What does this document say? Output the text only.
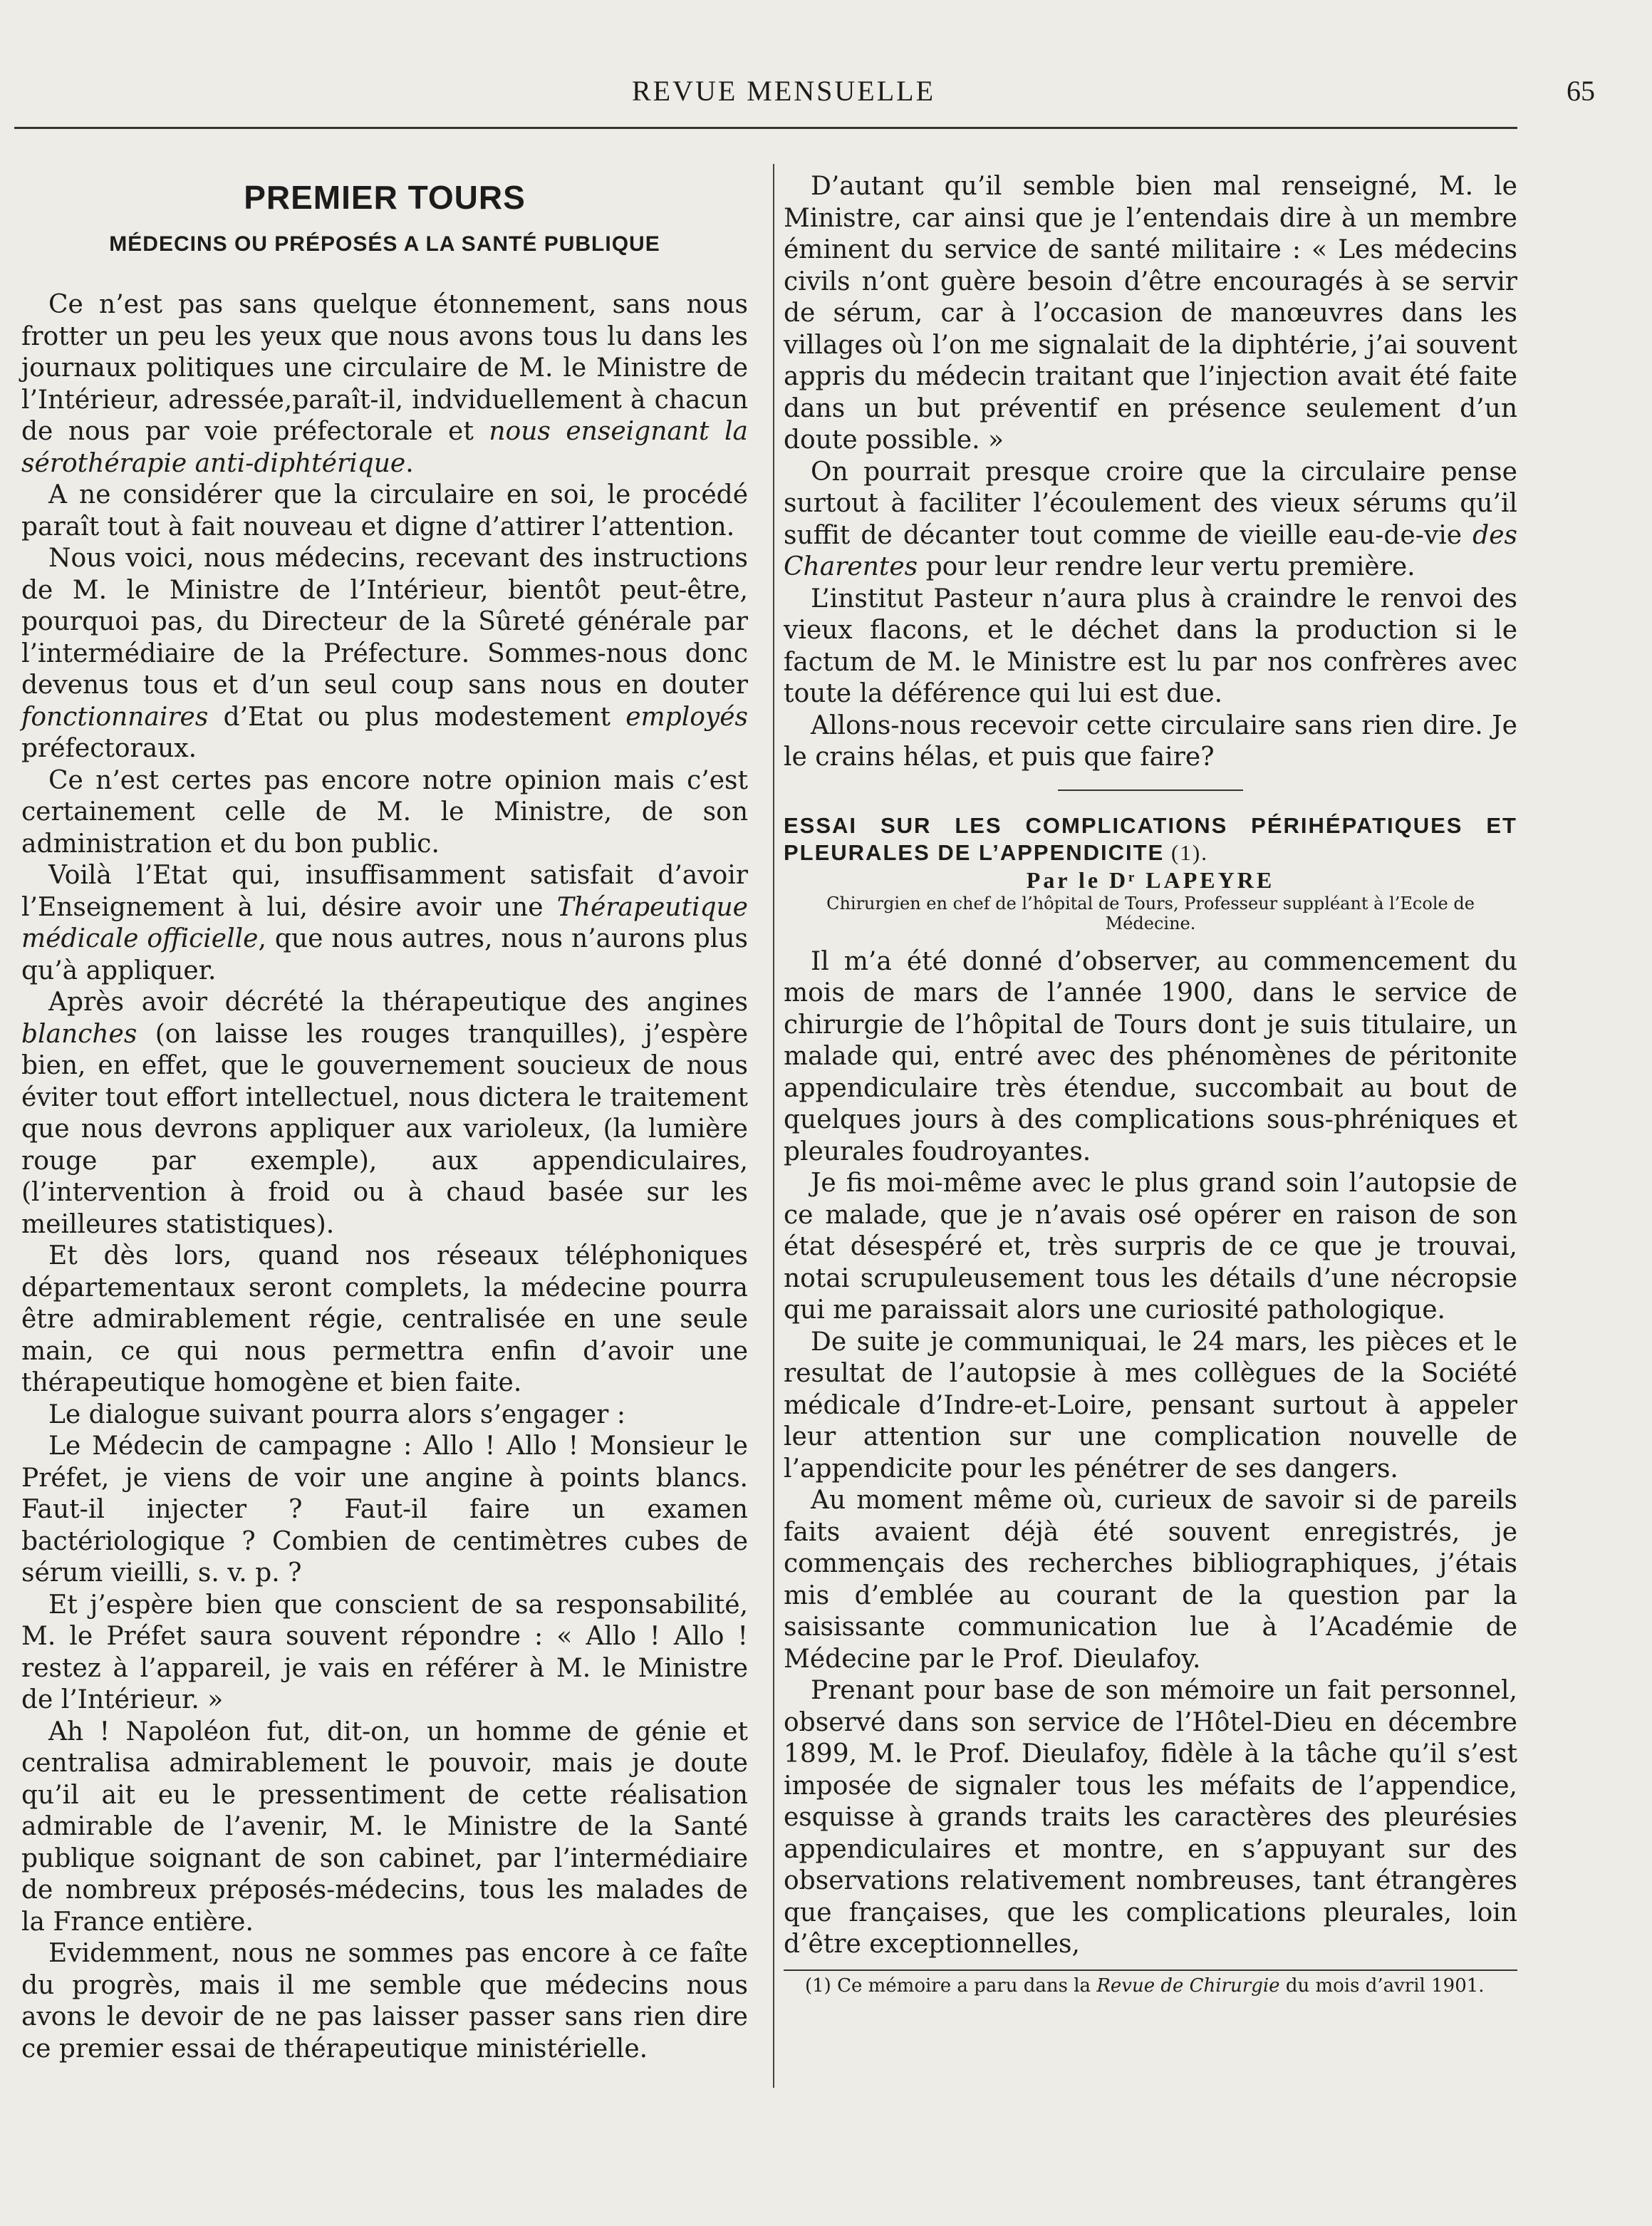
REVUE MENSUELLE	65
PREMIER TOURS
MÉDECINS OU PRÉPOSÉS A LA SANTÉ PUBLIQUE

Ce n’est pas sans quelque étonnement, sans nous frotter un peu les yeux que nous avons tous lu dans les journaux politiques une circulaire de M. le Ministre de l’Intérieur, adressée,paraît-il, indviduellement à chacun de nous par voie préfectorale et nous enseignant la sérothérapie anti-diphtérique.

A ne considérer que la circulaire en soi, le procédé paraît tout à fait nouveau et digne d’attirer l’attention.

Nous voici, nous médecins, recevant des instructions de M. le Ministre de l’Intérieur, bientôt peut-être, pourquoi pas, du Directeur de la Sûreté générale par l’intermédiaire de la Préfecture. Sommes-nous donc devenus tous et d’un seul coup sans nous en douter fonctionnaires d’Etat ou plus modestement employés préfectoraux.

Ce n’est certes pas encore notre opinion mais c’est certainement celle de M. le Ministre, de son administration et du bon public.

Voilà l’Etat qui, insuffisamment satisfait d’avoir l’Enseignement à lui, désire avoir une Thérapeutique médicale officielle, que nous autres, nous n’aurons plus qu’à appliquer.

Après avoir décrété la thérapeutique des angines blanches (on laisse les rouges tranquilles), j’espère bien, en effet, que le gouvernement soucieux de nous éviter tout effort intellectuel, nous dictera le traitement que nous devrons appliquer aux varioleux, (la lumière rouge par exemple), aux appendiculaires, (l’intervention à froid ou à chaud basée sur les meilleures statistiques).

Et dès lors, quand nos réseaux téléphoniques départementaux seront complets, la médecine pourra être admirablement régie, centralisée en une seule main, ce qui nous permettra enfin d’avoir une thérapeutique homogène et bien faite.

Le dialogue suivant pourra alors s’engager :

Le Médecin de campagne : Allo ! Allo ! Monsieur le Préfet, je viens de voir une angine à points blancs. Faut-il injecter ? Faut-il faire un examen bactériologique ? Combien de centimètres cubes de sérum vieilli, s. v. p. ?

Et j’espère bien que conscient de sa responsabilité, M. le Préfet saura souvent répondre : « Allo ! Allo ! restez à l’appareil, je vais en référer à M. le Ministre de l’Intérieur. »

Ah ! Napoléon fut, dit-on, un homme de génie et centralisa admirablement le pouvoir, mais je doute qu’il ait eu le pressentiment de cette réalisation admirable de l’avenir, M. le Ministre de la Santé publique soignant de son cabinet, par l’intermédiaire de nombreux préposés-médecins, tous les malades de la France entière.

Evidemment, nous ne sommes pas encore à ce faîte du progrès, mais il me semble que médecins nous avons le devoir de ne pas laisser passer sans rien dire ce premier essai de thérapeutique ministérielle.

D’autant qu’il semble bien mal renseigné, M. le Ministre, car ainsi que je l’entendais dire à un membre éminent du service de santé militaire : « Les médecins civils n’ont guère besoin d’être encouragés à se servir de sérum, car à l’occasion de manœuvres dans les villages où l’on me signalait de la diphtérie, j’ai souvent appris du médecin traitant que l’injection avait été faite dans un but préventif en présence seulement d’un doute possible. »

On pourrait presque croire que la circulaire pense surtout à faciliter l’écoulement des vieux sérums qu’il suffit de décanter tout comme de vieille eau-de-vie des Charentes pour leur rendre leur vertu première.

L’institut Pasteur n’aura plus à craindre le renvoi des vieux flacons, et le déchet dans la production si le factum de M. le Ministre est lu par nos confrères avec toute la déférence qui lui est due.

Allons-nous recevoir cette circulaire sans rien dire. Je le crains hélas, et puis que faire?

ESSAI SUR LES COMPLICATIONS PÉRIHÉPATIQUES ET PLEURALES DE L’APPENDICITE (1).
Par le Dʳ LAPEYRE
Chirurgien en chef de l’hôpital de Tours, Professeur suppléant à l’Ecole de Médecine.

Il m’a été donné d’observer, au commencement du mois de mars de l’année 1900, dans le service de chirurgie de l’hôpital de Tours dont je suis titulaire, un malade qui, entré avec des phénomènes de péritonite appendiculaire très étendue, succombait au bout de quelques jours à des complications sous-phréniques et pleurales foudroyantes.

Je fis moi-même avec le plus grand soin l’autopsie de ce malade, que je n’avais osé opérer en raison de son état désespéré et, très surpris de ce que je trouvai, notai scrupuleusement tous les détails d’une nécropsie qui me paraissait alors une curiosité pathologique.

De suite je communiquai, le 24 mars, les pièces et le resultat de l’autopsie à mes collègues de la Société médicale d’Indre-et-Loire, pensant surtout à appeler leur attention sur une complication nouvelle de l’appendicite pour les pénétrer de ses dangers.

Au moment même où, curieux de savoir si de pareils faits avaient déjà été souvent enregistrés, je commençais des recherches bibliographiques, j’étais mis d’emblée au courant de la question par la saisissante communication lue à l’Académie de Médecine par le Prof. Dieulafoy.

Prenant pour base de son mémoire un fait personnel, observé dans son service de l’Hôtel-Dieu en décembre 1899, M. le Prof. Dieulafoy, fidèle à la tâche qu’il s’est imposée de signaler tous les méfaits de l’appendice, esquisse à grands traits les caractères des pleurésies appendiculaires et montre, en s’appuyant sur des observations relativement nombreuses, tant étrangères que françaises, que les complications pleurales, loin d’être exceptionnelles,

(1) Ce mémoire a paru dans la Revue de Chirurgie du mois d’avril 1901.
